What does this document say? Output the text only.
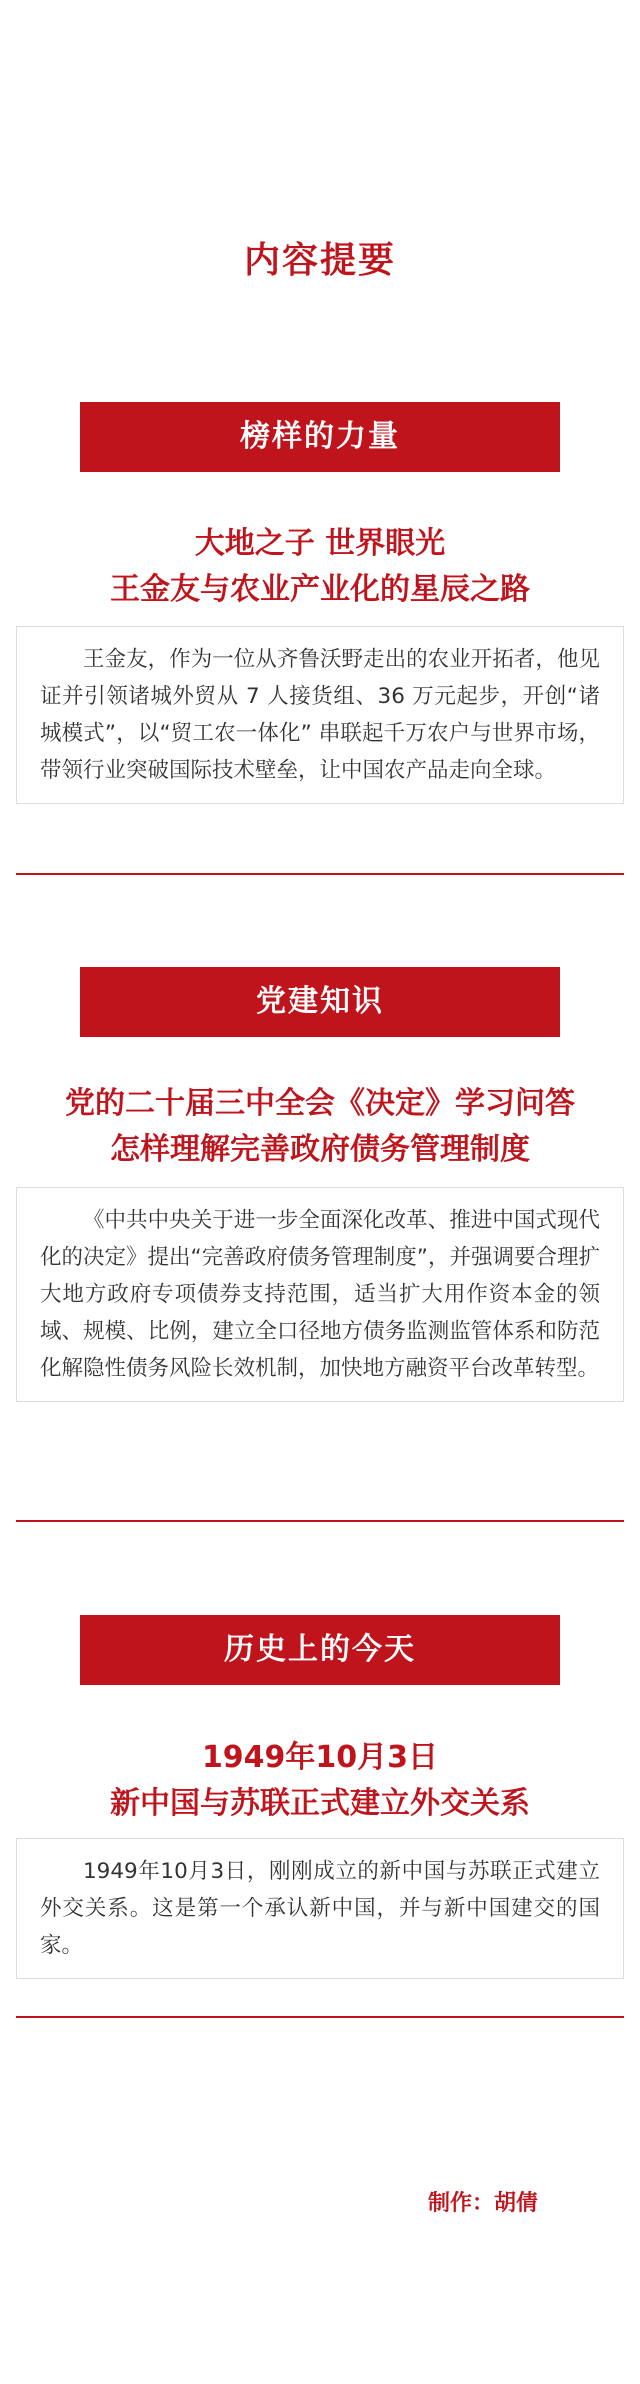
内容提要
榜样的力量
大地之子 世界眼光
王金友与农业产业化的星辰之路
王金友，作为一位从齐鲁沃野走出的农业开拓者，他见证并引领诸城外贸从 7 人接货组、36 万元起步，开创“诸城模式”，以“贸工农一体化” 串联起千万农户与世界市场，带领行业突破国际技术壁垒，让中国农产品走向全球。
党建知识
党的二十届三中全会《决定》学习问答
怎样理解完善政府债务管理制度
《中共中央关于进一步全面深化改革、推进中国式现代化的决定》提出“完善政府债务管理制度”，并强调要合理扩大地方政府专项债券支持范围，适当扩大用作资本金的领域、规模、比例，建立全口径地方债务监测监管体系和防范化解隐性债务风险长效机制，加快地方融资平台改革转型。
历史上的今天
1949年10月3日
新中国与苏联正式建立外交关系
1949年10月3日，刚刚成立的新中国与苏联正式建立外交关系。这是第一个承认新中国，并与新中国建交的国家。
制作：胡倩
